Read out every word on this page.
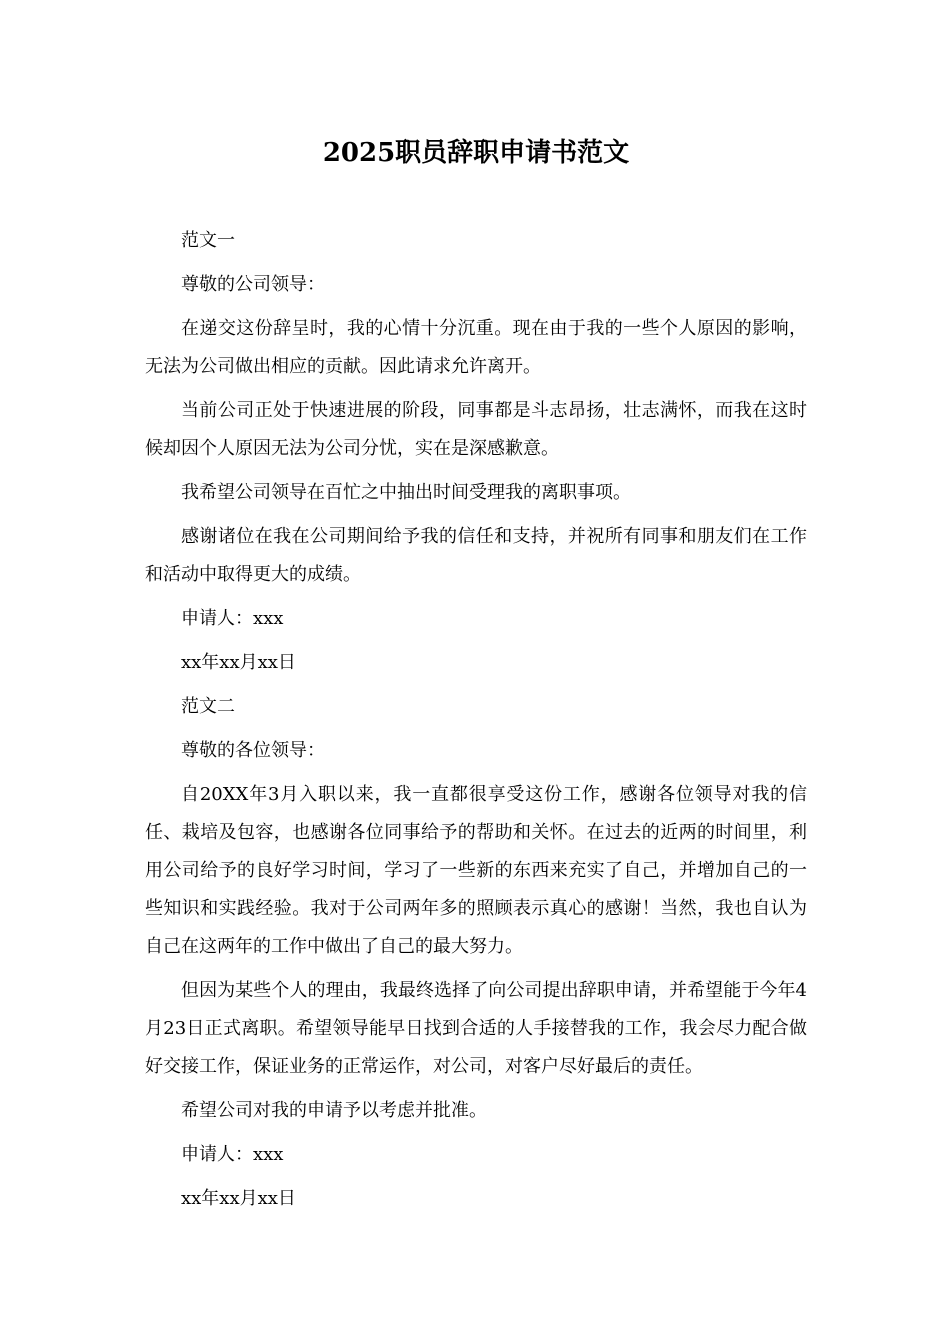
2025职员辞职申请书范文

范文一

尊敬的公司领导：

在递交这份辞呈时，我的心情十分沉重。现在由于我的一些个人原因的影响，无法为公司做出相应的贡献。因此请求允许离开。

当前公司正处于快速进展的阶段，同事都是斗志昂扬，壮志满怀，而我在这时候却因个人原因无法为公司分忧，实在是深感歉意。

我希望公司领导在百忙之中抽出时间受理我的离职事项。

感谢诸位在我在公司期间给予我的信任和支持，并祝所有同事和朋友们在工作和活动中取得更大的成绩。

申请人：xxx

xx年xx月xx日

范文二

尊敬的各位领导：

自20XX年3月入职以来，我一直都很享受这份工作，感谢各位领导对我的信任、栽培及包容，也感谢各位同事给予的帮助和关怀。在过去的近两的时间里，利用公司给予的良好学习时间，学习了一些新的东西来充实了自己，并增加自己的一些知识和实践经验。我对于公司两年多的照顾表示真心的感谢！当然，我也自认为自己在这两年的工作中做出了自己的最大努力。

但因为某些个人的理由，我最终选择了向公司提出辞职申请，并希望能于今年4月23日正式离职。希望领导能早日找到合适的人手接替我的工作，我会尽力配合做好交接工作，保证业务的正常运作，对公司，对客户尽好最后的责任。

希望公司对我的申请予以考虑并批准。

申请人：xxx

xx年xx月xx日
